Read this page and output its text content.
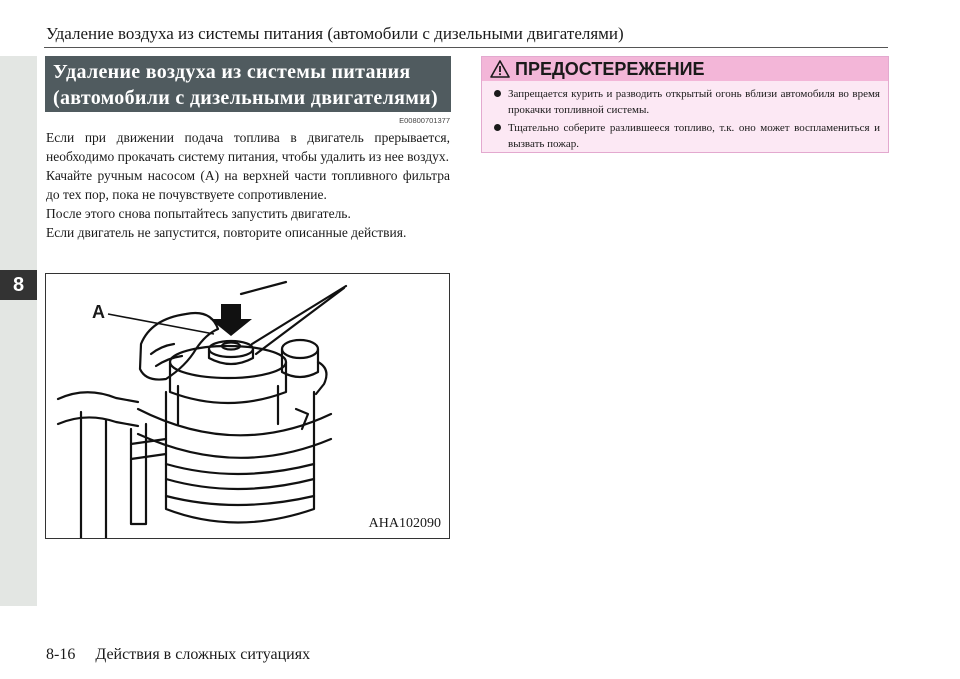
8
Удаление воздуха из системы питания (автомобили с дизельными двигателями)
Удаление воздуха из системы питания
(автомобили с дизельными двигателями)
E00800701377

Если при движении подача топлива в двигатель прерывается, необходимо прокачать систему питания, чтобы удалить из нее воздух.

Качайте ручным насосом (A) на верхней части топливного фильтра до тех пор, пока не почувствуете сопротивление.

После этого снова попытайтесь запустить двигатель.

Если двигатель не запустится, повторите описанные действия.

A
AHA102090
ПРЕДОСТЕРЕЖЕНИЕ
Запрещается курить и разводить открытый огонь вблизи автомобиля во время прокачки топливной системы.
Тщательно соберите разлившееся топливо, т.к. оно может воспламениться и вызвать пожар.
8-16 Действия в сложных ситуациях
